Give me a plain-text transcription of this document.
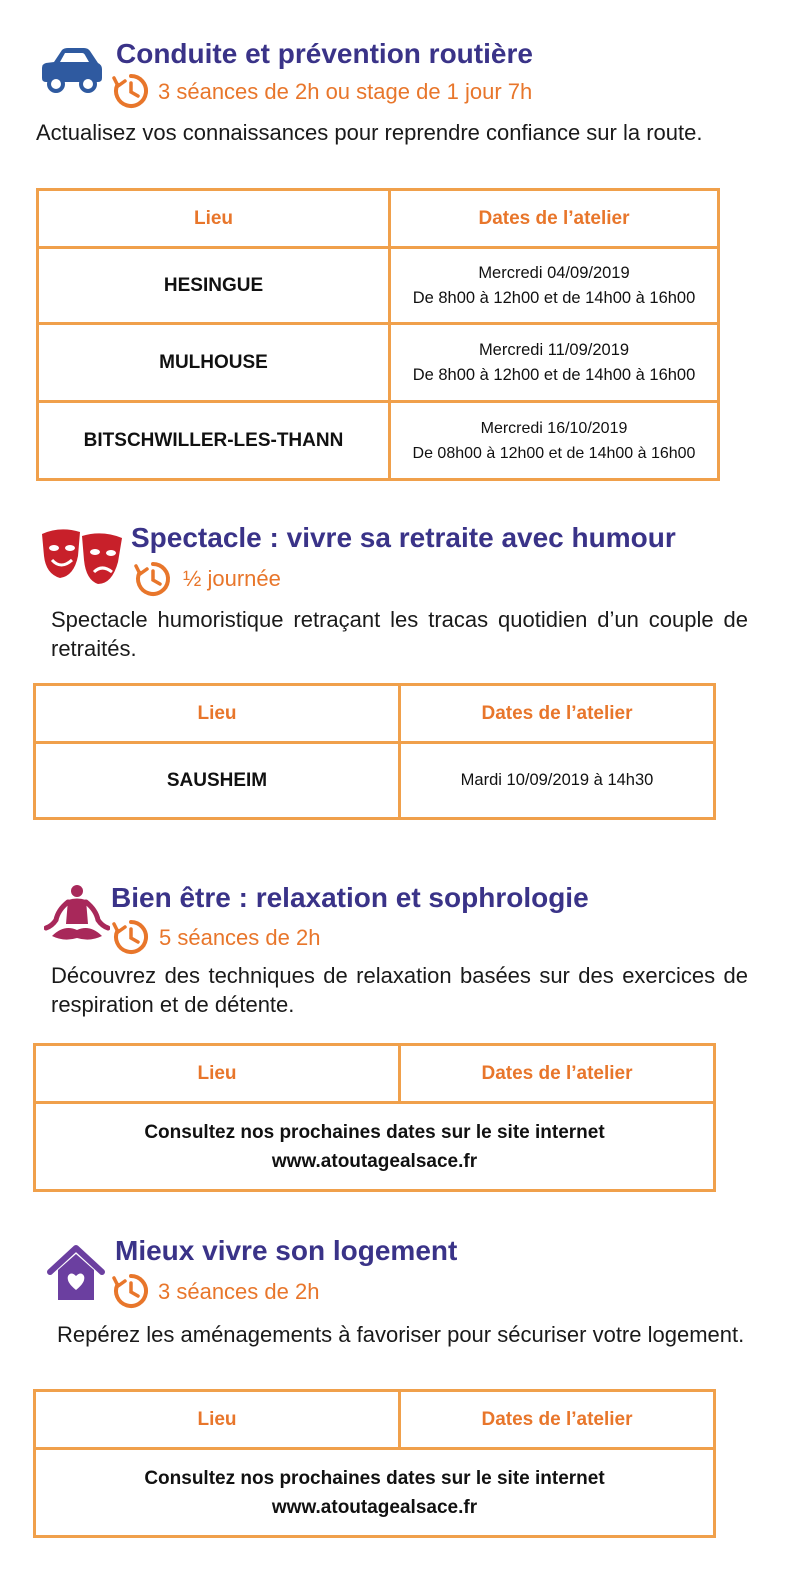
Conduite et prévention routière
3 séances de 2h ou stage de 1 jour 7h
Actualisez vos connaissances pour reprendre confiance sur la route.
Lieu	Dates de l’atelier
HESINGUE	Mercredi 04/09/2019
De 8h00 à 12h00 et de 14h00 à 16h00

MULHOUSE	Mercredi 11/09/2019
De 8h00 à 12h00 et de 14h00 à 16h00

BITSCHWILLER-LES-THANN	Mercredi 16/10/2019
De 08h00 à 12h00 et de 14h00 à 16h00
Spectacle : vivre sa retraite avec humour
½ journée
Spectacle humoristique retraçant les tracas quotidien d’un couple de retraités.
Lieu	Dates de l’atelier
SAUSHEIM	Mardi 10/09/2019 à 14h30
Bien être : relaxation et sophrologie
5 séances de 2h
Découvrez des techniques de relaxation basées sur des exercices de respiration et de détente.
Lieu	Dates de l’atelier

Consultez nos prochaines dates sur le site internet
www.atoutagealsace.fr
Mieux vivre son logement
3 séances de 2h
Repérez les aménagements à favoriser pour sécuriser votre logement.
Lieu	Dates de l’atelier

Consultez nos prochaines dates sur le site internet
www.atoutagealsace.fr
